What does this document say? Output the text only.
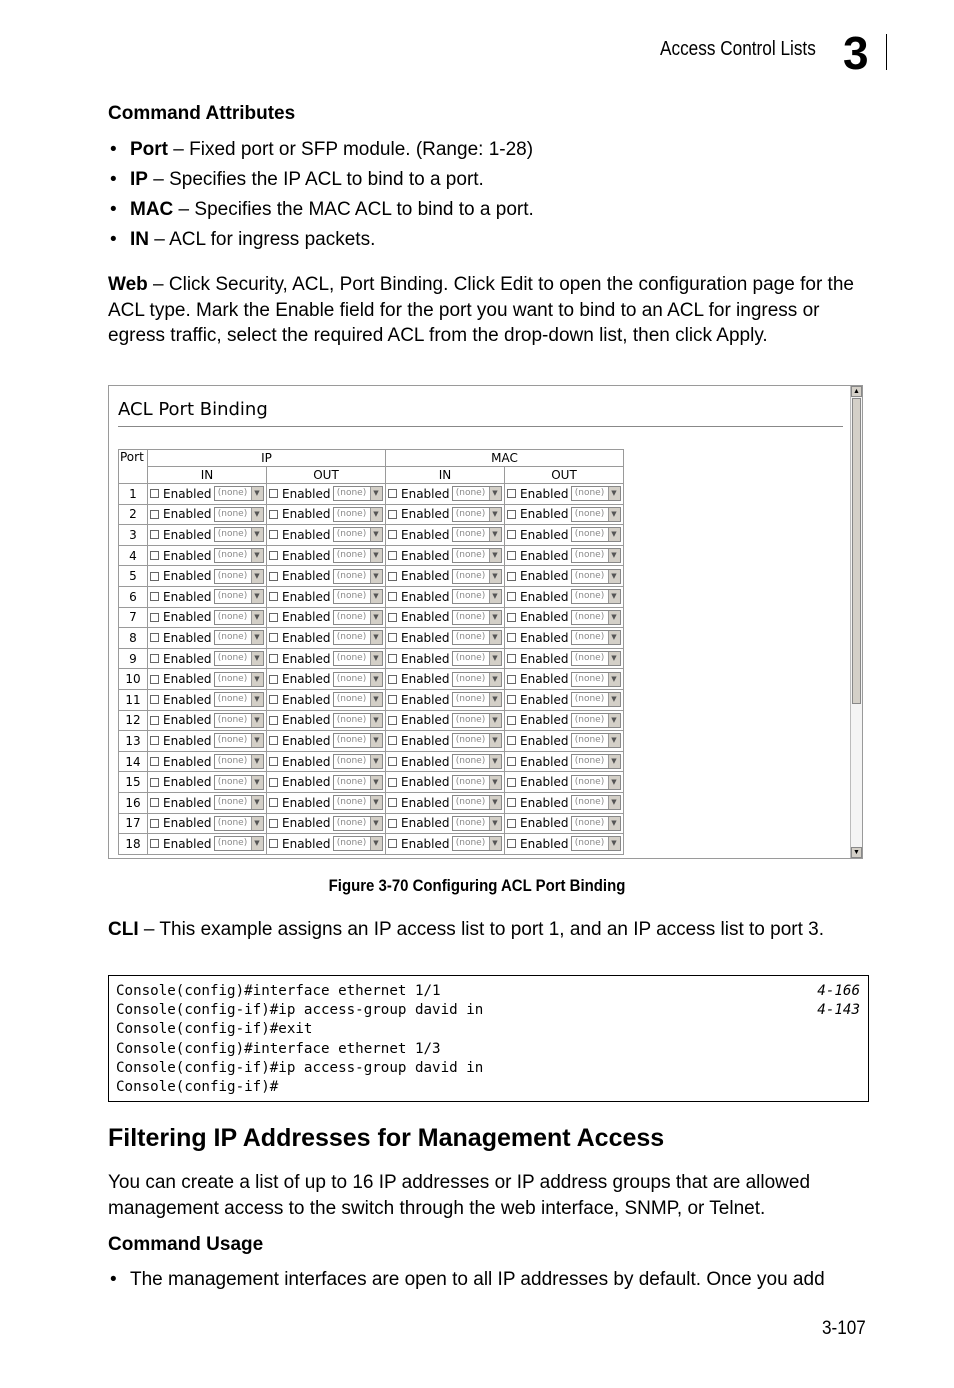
Access Control Lists 3
Command Attributes
• Port – Fixed port or SFP module. (Range: 1-28)
• IP – Specifies the IP ACL to bind to a port.
• MAC – Specifies the MAC ACL to bind to a port.
• IN – ACL for ingress packets.
Web – Click Security, ACL, Port Binding. Click Edit to open the configuration page for the ACL type. Mark the Enable field for the port you want to bind to an ACL for ingress or egress traffic, select the required ACL from the drop-down list, then click Apply.
ACL Port Binding
Port	IP		MAC	
	IN	OUT	IN	OUT
1	Enabled (none) ▼	Enabled (none) ▼	Enabled (none) ▼	Enabled (none) ▼

2	Enabled (none) ▼	Enabled (none) ▼	Enabled (none) ▼	Enabled (none) ▼

3	Enabled (none) ▼	Enabled (none) ▼	Enabled (none) ▼	Enabled (none) ▼

4	Enabled (none) ▼	Enabled (none) ▼	Enabled (none) ▼	Enabled (none) ▼

5	Enabled (none) ▼	Enabled (none) ▼	Enabled (none) ▼	Enabled (none) ▼

6	Enabled (none) ▼	Enabled (none) ▼	Enabled (none) ▼	Enabled (none) ▼

7	Enabled (none) ▼	Enabled (none) ▼	Enabled (none) ▼	Enabled (none) ▼

8	Enabled (none) ▼	Enabled (none) ▼	Enabled (none) ▼	Enabled (none) ▼

9	Enabled (none) ▼	Enabled (none) ▼	Enabled (none) ▼	Enabled (none) ▼

10	Enabled (none) ▼	Enabled (none) ▼	Enabled (none) ▼	Enabled (none) ▼

11	Enabled (none) ▼	Enabled (none) ▼	Enabled (none) ▼	Enabled (none) ▼

12	Enabled (none) ▼	Enabled (none) ▼	Enabled (none) ▼	Enabled (none) ▼

13	Enabled (none) ▼	Enabled (none) ▼	Enabled (none) ▼	Enabled (none) ▼

14	Enabled (none) ▼	Enabled (none) ▼	Enabled (none) ▼	Enabled (none) ▼

15	Enabled (none) ▼	Enabled (none) ▼	Enabled (none) ▼	Enabled (none) ▼

16	Enabled (none) ▼	Enabled (none) ▼	Enabled (none) ▼	Enabled (none) ▼

17	Enabled (none) ▼	Enabled (none) ▼	Enabled (none) ▼	Enabled (none) ▼

18	Enabled (none) ▼	Enabled (none) ▼	Enabled (none) ▼	Enabled (none) ▼
▲
▼
Figure 3-70 Configuring ACL Port Binding
CLI – This example assigns an IP access list to port 1, and an IP access list to port 3.
Console(config)#interface ethernet 1/1	4-166
Console(config-if)#ip access-group david in	4-143
Console(config-if)#exit
Console(config)#interface ethernet 1/3
Console(config-if)#ip access-group david in
Console(config-if)#
Filtering IP Addresses for Management Access
You can create a list of up to 16 IP addresses or IP address groups that are allowed management access to the switch through the web interface, SNMP, or Telnet.
Command Usage
• The management interfaces are open to all IP addresses by default. Once you add
3-107
